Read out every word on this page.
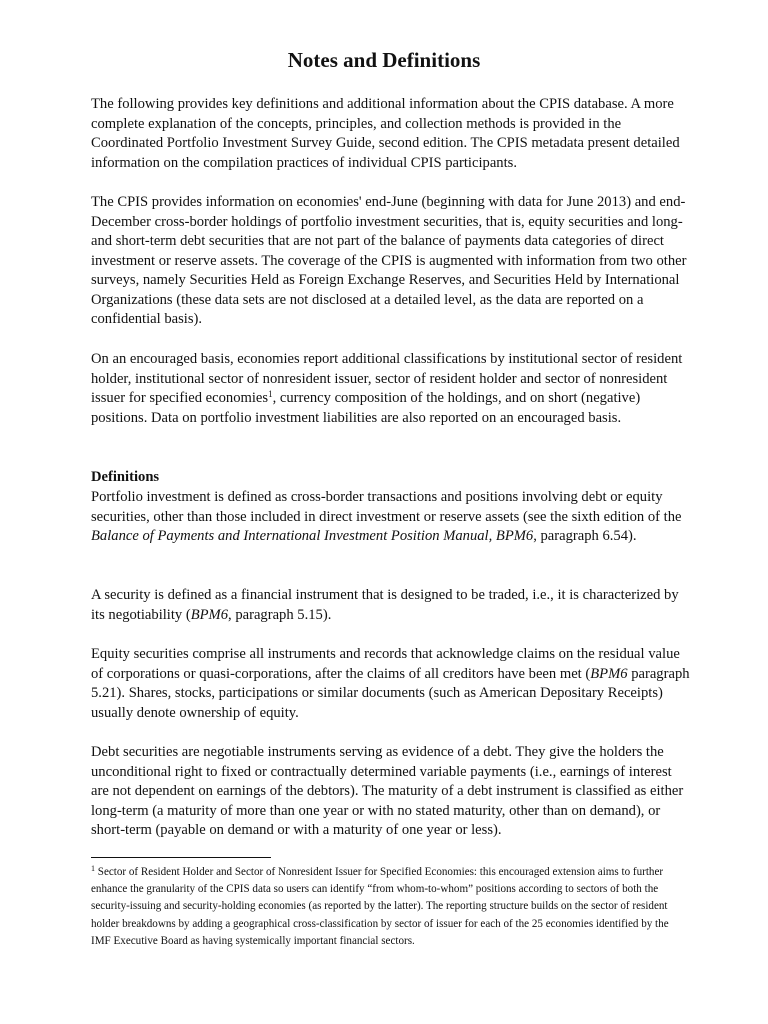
Notes and Definitions

The following provides key definitions and additional information about the CPIS database. A more complete explanation of the concepts, principles, and collection methods is provided in the Coordinated Portfolio Investment Survey Guide, second edition. The CPIS metadata present detailed information on the compilation practices of individual CPIS participants.

The CPIS provides information on economies' end-June (beginning with data for June 2013) and end-December cross-border holdings of portfolio investment securities, that is, equity securities and long- and short-term debt securities that are not part of the balance of payments data categories of direct investment or reserve assets. The coverage of the CPIS is augmented with information from two other surveys, namely Securities Held as Foreign Exchange Reserves, and Securities Held by International Organizations (these data sets are not disclosed at a detailed level, as the data are reported on a confidential basis).

On an encouraged basis, economies report additional classifications by institutional sector of resident holder, institutional sector of nonresident issuer, sector of resident holder and sector of nonresident issuer for specified economies$^1$, currency composition of the holdings, and on short (negative) positions. Data on portfolio investment liabilities are also reported on an encouraged basis.

Definitions

Portfolio investment is defined as cross-border transactions and positions involving debt or equity securities, other than those included in direct investment or reserve assets (see the sixth edition of the Balance of Payments and International Investment Position Manual, BPM6, paragraph 6.54).

A security is defined as a financial instrument that is designed to be traded, i.e., it is characterized by its negotiability (BPM6, paragraph 5.15).

Equity securities comprise all instruments and records that acknowledge claims on the residual value of corporations or quasi-corporations, after the claims of all creditors have been met (BPM6 paragraph 5.21). Shares, stocks, participations or similar documents (such as American Depositary Receipts) usually denote ownership of equity.

Debt securities are negotiable instruments serving as evidence of a debt. They give the holders the unconditional right to fixed or contractually determined variable payments (i.e., earnings of interest are not dependent on earnings of the debtors). The maturity of a debt instrument is classified as either long-term (a maturity of more than one year or with no stated maturity, other than on demand), or short-term (payable on demand or with a maturity of one year or less).

$^1$ Sector of Resident Holder and Sector of Nonresident Issuer for Specified Economies: this encouraged extension aims to further enhance the granularity of the CPIS data so users can identify “from whom-to-whom” positions according to sectors of both the security-issuing and security-holding economies (as reported by the latter). The reporting structure builds on the sector of resident holder breakdowns by adding a geographical cross-classification by sector of issuer for each of the 25 economies identified by the IMF Executive Board as having systemically important financial sectors.
